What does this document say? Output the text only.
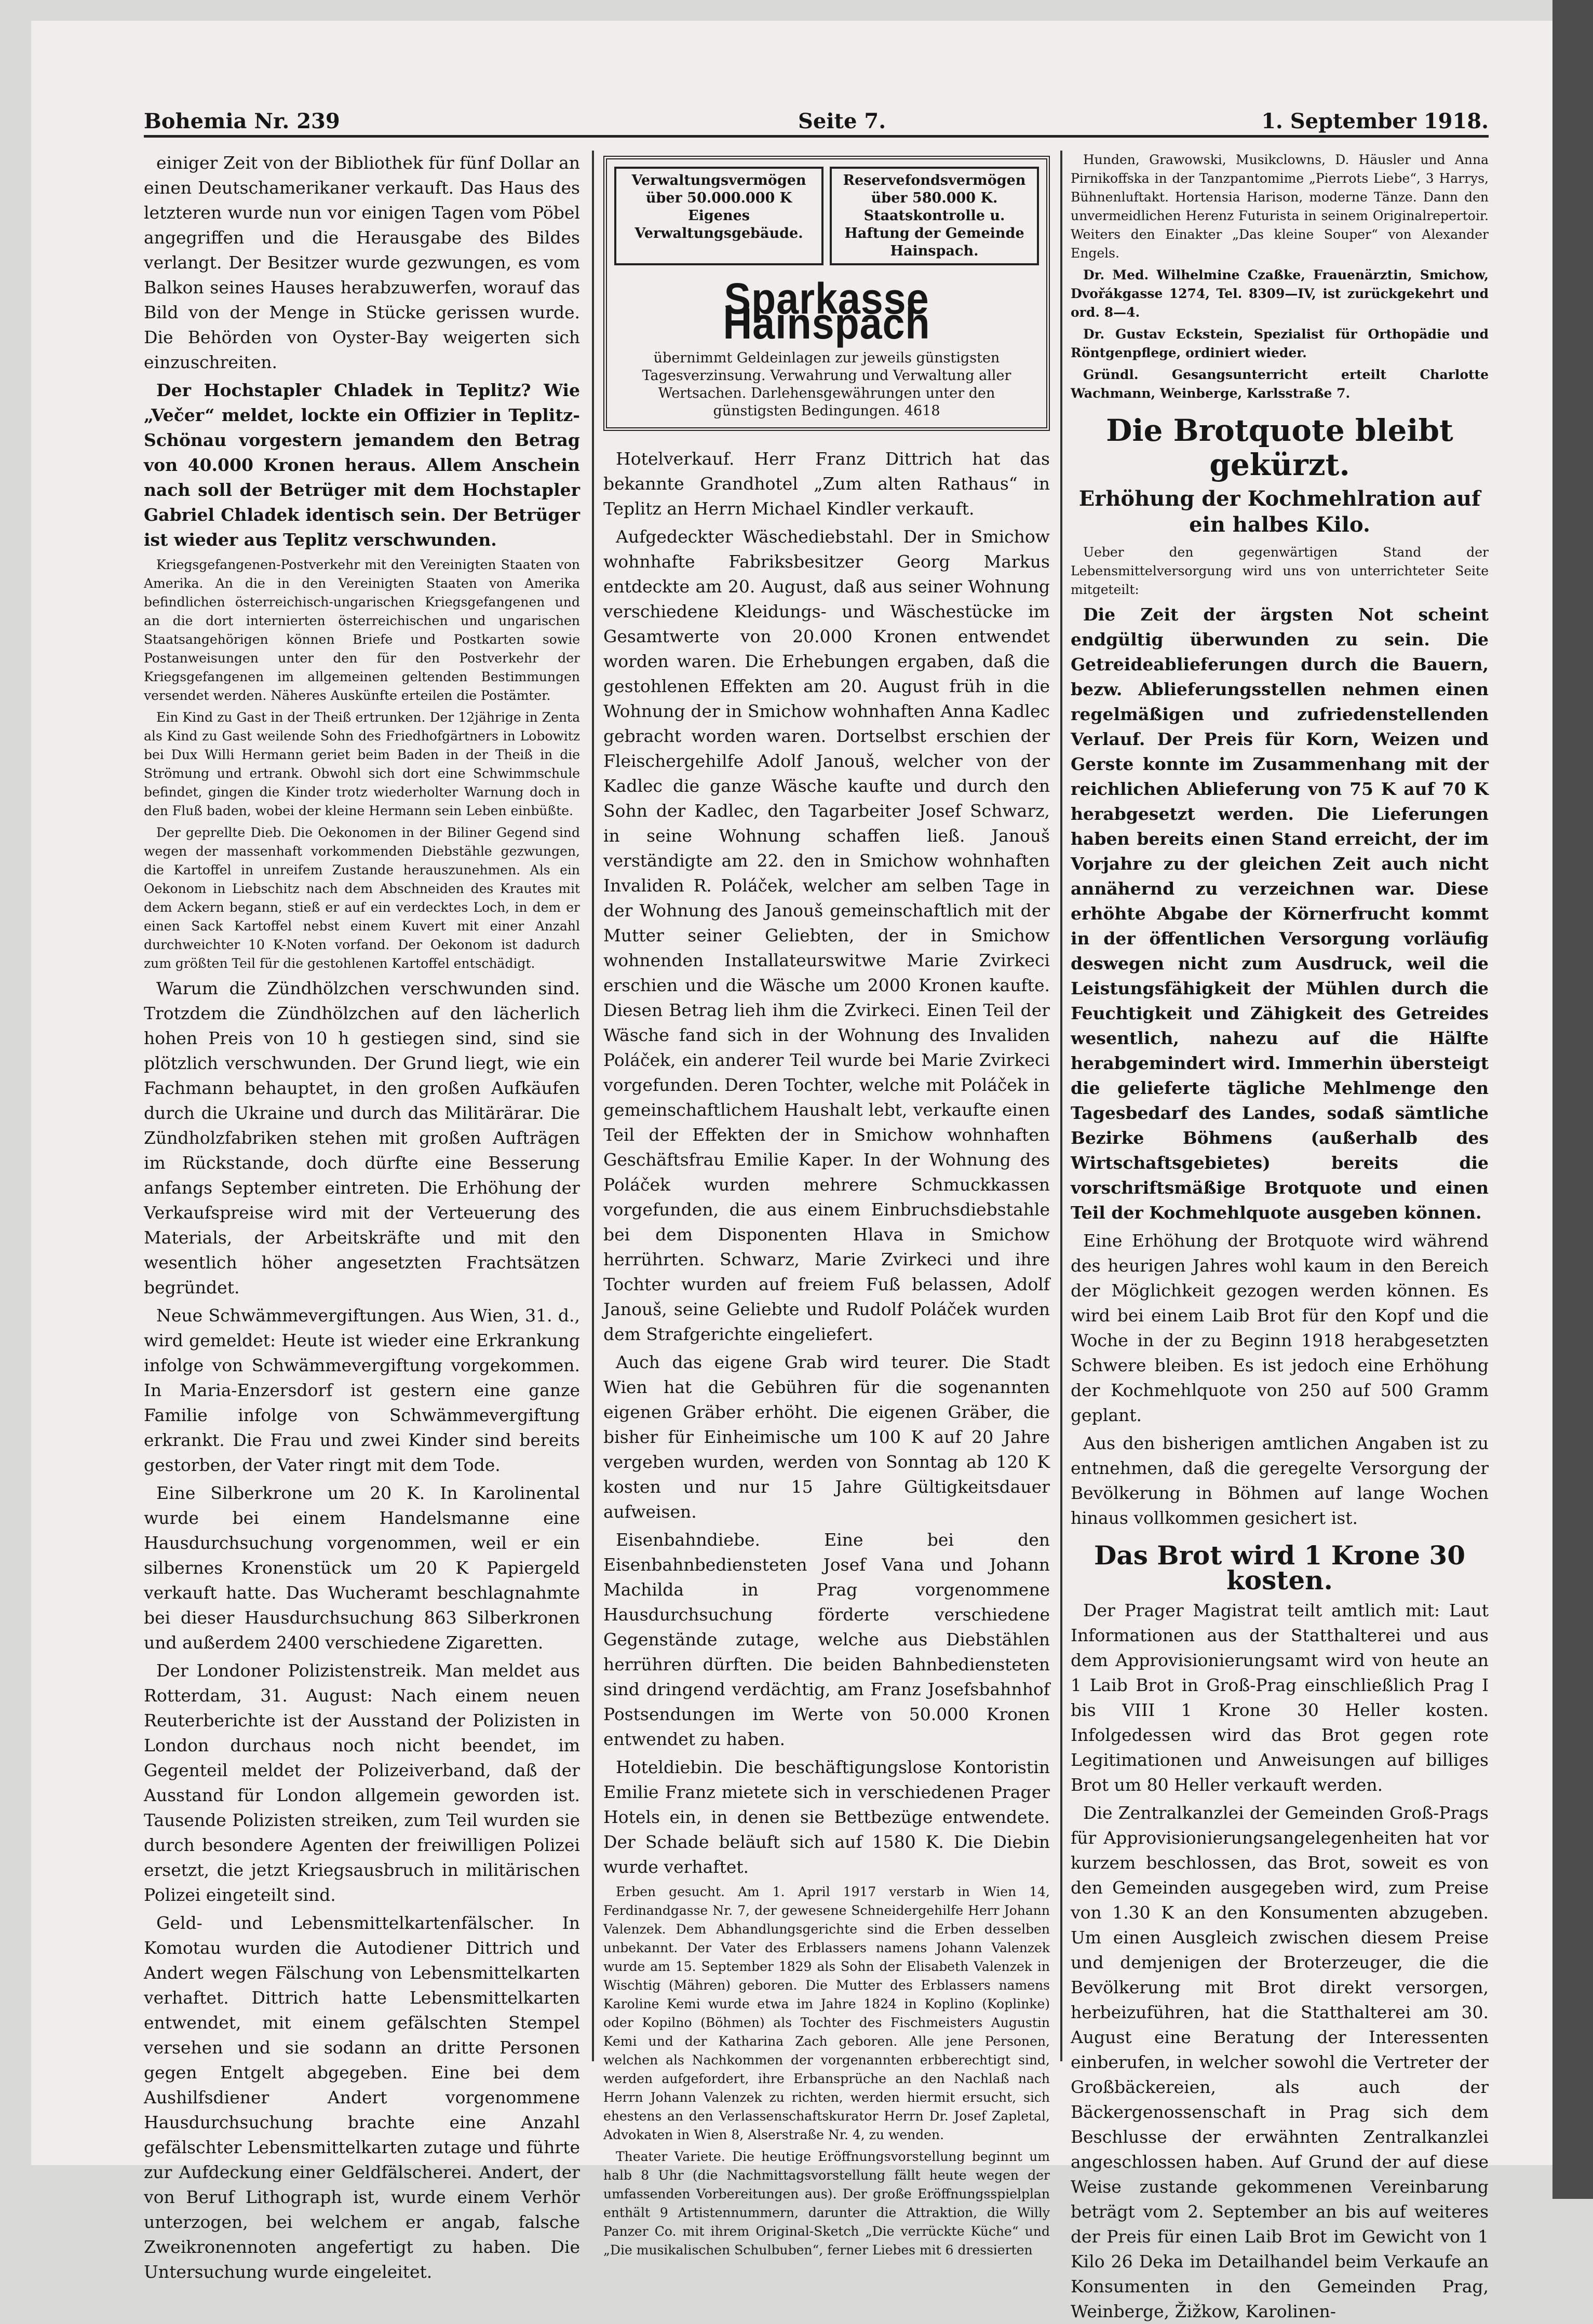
Bohemia Nr. 239	Seite 7.	1. September 1918.

einiger Zeit von der Bibliothek für fünf Dollar an einen Deutschamerikaner verkauft. Das Haus des letzteren wurde nun vor einigen Tagen vom Pöbel angegriffen und die Herausgabe des Bildes verlangt. Der Besitzer wurde gezwungen, es vom Balkon seines Hauses herabzuwerfen, worauf das Bild von der Menge in Stücke gerissen wurde. Die Behörden von Oyster-Bay weigerten sich einzuschreiten.

Der Hochstapler Chladek in Teplitz? Wie „Večer“ meldet, lockte ein Offizier in Teplitz-Schönau vorgestern jemandem den Betrag von 40.000 Kronen heraus. Allem Anschein nach soll der Betrüger mit dem Hochstapler Gabriel Chladek identisch sein. Der Betrüger ist wieder aus Teplitz verschwunden.

Kriegsgefangenen-Postverkehr mit den Vereinigten Staaten von Amerika. An die in den Vereinigten Staaten von Amerika befindlichen österreichisch-ungarischen Kriegsgefangenen und an die dort internierten österreichischen und ungarischen Staatsangehörigen können Briefe und Postkarten sowie Postanweisungen unter den für den Postverkehr der Kriegsgefangenen im allgemeinen geltenden Bestimmungen versendet werden. Näheres Auskünfte erteilen die Postämter.

Ein Kind zu Gast in der Theiß ertrunken. Der 12jährige in Zenta als Kind zu Gast weilende Sohn des Friedhofgärtners in Lobowitz bei Dux Willi Hermann geriet beim Baden in der Theiß in die Strömung und ertrank. Obwohl sich dort eine Schwimmschule befindet, gingen die Kinder trotz wiederholter Warnung doch in den Fluß baden, wobei der kleine Hermann sein Leben einbüßte.

Der geprellte Dieb. Die Oekonomen in der Biliner Gegend sind wegen der massenhaft vorkommenden Diebstähle gezwungen, die Kartoffel in unreifem Zustande herauszunehmen. Als ein Oekonom in Liebschitz nach dem Abschneiden des Krautes mit dem Ackern begann, stieß er auf ein verdecktes Loch, in dem er einen Sack Kartoffel nebst einem Kuvert mit einer Anzahl durchweichter 10 K-Noten vorfand. Der Oekonom ist dadurch zum größten Teil für die gestohlenen Kartoffel entschädigt.

Warum die Zündhölzchen verschwunden sind. Trotzdem die Zündhölzchen auf den lächerlich hohen Preis von 10 h gestiegen sind, sind sie plötzlich verschwunden. Der Grund liegt, wie ein Fachmann behauptet, in den großen Aufkäufen durch die Ukraine und durch das Militärärar. Die Zündholzfabriken stehen mit großen Aufträgen im Rückstande, doch dürfte eine Besserung anfangs September eintreten. Die Erhöhung der Verkaufspreise wird mit der Verteuerung des Materials, der Arbeitskräfte und mit den wesentlich höher angesetzten Frachtsätzen begründet.

Neue Schwämmevergiftungen. Aus Wien, 31. d., wird gemeldet: Heute ist wieder eine Erkrankung infolge von Schwämmevergiftung vorgekommen. In Maria-Enzersdorf ist gestern eine ganze Familie infolge von Schwämmevergiftung erkrankt. Die Frau und zwei Kinder sind bereits gestorben, der Vater ringt mit dem Tode.

Eine Silberkrone um 20 K. In Karolinental wurde bei einem Handelsmanne eine Hausdurchsuchung vorgenommen, weil er ein silbernes Kronenstück um 20 K Papiergeld verkauft hatte. Das Wucheramt beschlagnahmte bei dieser Hausdurchsuchung 863 Silberkronen und außerdem 2400 verschiedene Zigaretten.

Der Londoner Polizistenstreik. Man meldet aus Rotterdam, 31. August: Nach einem neuen Reuterberichte ist der Ausstand der Polizisten in London durchaus noch nicht beendet, im Gegenteil meldet der Polizeiverband, daß der Ausstand für London allgemein geworden ist. Tausende Polizisten streiken, zum Teil wurden sie durch besondere Agenten der freiwilligen Polizei ersetzt, die jetzt Kriegsausbruch in militärischen Polizei eingeteilt sind.

Geld- und Lebensmittelkartenfälscher. In Komotau wurden die Autodiener Dittrich und Andert wegen Fälschung von Lebensmittelkarten verhaftet. Dittrich hatte Lebensmittelkarten entwendet, mit einem gefälschten Stempel versehen und sie sodann an dritte Personen gegen Entgelt abgegeben. Eine bei dem Aushilfsdiener Andert vorgenommene Hausdurchsuchung brachte eine Anzahl gefälschter Lebensmittelkarten zutage und führte zur Aufdeckung einer Geldfälscherei. Andert, der von Beruf Lithograph ist, wurde einem Verhör unterzogen, bei welchem er angab, falsche Zweikronennoten angefertigt zu haben. Die Untersuchung wurde eingeleitet.

Verwaltungsvermögen über 50.000.000 K Eigenes Verwaltungsgebäude.
Reservefondsvermögen über 580.000 K. Staatskontrolle u. Haftung der Gemeinde Hainspach.
Sparkasse Hainspach
übernimmt Geldeinlagen zur jeweils günstigsten Tagesverzinsung. Verwahrung und Verwaltung aller Wertsachen. Darlehensgewährungen unter den günstigsten Bedingungen. 4618

Hotelverkauf. Herr Franz Dittrich hat das bekannte Grandhotel „Zum alten Rathaus“ in Teplitz an Herrn Michael Kindler verkauft.

Aufgedeckter Wäschediebstahl. Der in Smichow wohnhafte Fabriksbesitzer Georg Markus entdeckte am 20. August, daß aus seiner Wohnung verschiedene Kleidungs- und Wäschestücke im Gesamtwerte von 20.000 Kronen entwendet worden waren. Die Erhebungen ergaben, daß die gestohlenen Effekten am 20. August früh in die Wohnung der in Smichow wohnhaften Anna Kadlec gebracht worden waren. Dortselbst erschien der Fleischergehilfe Adolf Janouš, welcher von der Kadlec die ganze Wäsche kaufte und durch den Sohn der Kadlec, den Tagarbeiter Josef Schwarz, in seine Wohnung schaffen ließ. Janouš verständigte am 22. den in Smichow wohnhaften Invaliden R. Poláček, welcher am selben Tage in der Wohnung des Janouš gemeinschaftlich mit der Mutter seiner Geliebten, der in Smichow wohnenden Installateurswitwe Marie Zvirkeci erschien und die Wäsche um 2000 Kronen kaufte. Diesen Betrag lieh ihm die Zvirkeci. Einen Teil der Wäsche fand sich in der Wohnung des Invaliden Poláček, ein anderer Teil wurde bei Marie Zvirkeci vorgefunden. Deren Tochter, welche mit Poláček in gemeinschaftlichem Haushalt lebt, verkaufte einen Teil der Effekten der in Smichow wohnhaften Geschäftsfrau Emilie Kaper. In der Wohnung des Poláček wurden mehrere Schmuckkassen vorgefunden, die aus einem Einbruchsdiebstahle bei dem Disponenten Hlava in Smichow herrührten. Schwarz, Marie Zvirkeci und ihre Tochter wurden auf freiem Fuß belassen, Adolf Janouš, seine Geliebte und Rudolf Poláček wurden dem Strafgerichte eingeliefert.

Auch das eigene Grab wird teurer. Die Stadt Wien hat die Gebühren für die sogenannten eigenen Gräber erhöht. Die eigenen Gräber, die bisher für Einheimische um 100 K auf 20 Jahre vergeben wurden, werden von Sonntag ab 120 K kosten und nur 15 Jahre Gültigkeitsdauer aufweisen.

Eisenbahndiebe. Eine bei den Eisenbahnbediensteten Josef Vana und Johann Machilda in Prag vorgenommene Hausdurchsuchung förderte verschiedene Gegenstände zutage, welche aus Diebstählen herrühren dürften. Die beiden Bahnbediensteten sind dringend verdächtig, am Franz Josefsbahnhof Postsendungen im Werte von 50.000 Kronen entwendet zu haben.

Hoteldiebin. Die beschäftigungslose Kontoristin Emilie Franz mietete sich in verschiedenen Prager Hotels ein, in denen sie Bettbezüge entwendete. Der Schade beläuft sich auf 1580 K. Die Diebin wurde verhaftet.

Erben gesucht. Am 1. April 1917 verstarb in Wien 14, Ferdinandgasse Nr. 7, der gewesene Schneidergehilfe Herr Johann Valenzek. Dem Abhandlungsgerichte sind die Erben desselben unbekannt. Der Vater des Erblassers namens Johann Valenzek wurde am 15. September 1829 als Sohn der Elisabeth Valenzek in Wischtig (Mähren) geboren. Die Mutter des Erblassers namens Karoline Kemi wurde etwa im Jahre 1824 in Koplino (Koplinke) oder Kopilno (Böhmen) als Tochter des Fischmeisters Augustin Kemi und der Katharina Zach geboren. Alle jene Personen, welchen als Nachkommen der vorgenannten erbberechtigt sind, werden aufgefordert, ihre Erbansprüche an den Nachlaß nach Herrn Johann Valenzek zu richten, werden hiermit ersucht, sich ehestens an den Verlassenschaftskurator Herrn Dr. Josef Zapletal, Advokaten in Wien 8, Alserstraße Nr. 4, zu wenden.

Theater Variete. Die heutige Eröffnungsvorstellung beginnt um halb 8 Uhr (die Nachmittagsvorstellung fällt heute wegen der umfassenden Vorbereitungen aus). Der große Eröffnungsspielplan enthält 9 Artistennummern, darunter die Attraktion, die Willy Panzer Co. mit ihrem Original-Sketch „Die verrückte Küche“ und „Die musikalischen Schulbuben“, ferner Liebes mit 6 dressierten

Hunden, Grawowski, Musikclowns, D. Häusler und Anna Pirnikoffska in der Tanzpantomime „Pierrots Liebe“, 3 Harrys, Bühnenluftakt. Hortensia Harison, moderne Tänze. Dann den unvermeidlichen Herenz Futurista in seinem Originalrepertoir. Weiters den Einakter „Das kleine Souper“ von Alexander Engels.

Dr. Med. Wilhelmine Czaßke, Frauenärztin, Smichow, Dvořákgasse 1274, Tel. 8309—IV, ist zurückgekehrt und ord. 8—4.

Dr. Gustav Eckstein, Spezialist für Orthopädie und Röntgenpflege, ordiniert wieder.

Gründl. Gesangsunterricht erteilt Charlotte Wachmann, Weinberge, Karlsstraße 7.

Die Brotquote bleibt gekürzt.
Erhöhung der Kochmehlration auf ein halbes Kilo.

Ueber den gegenwärtigen Stand der Lebensmittelversorgung wird uns von unterrichteter Seite mitgeteilt:

Die Zeit der ärgsten Not scheint endgültig überwunden zu sein. Die Getreideablieferungen durch die Bauern, bezw. Ablieferungsstellen nehmen einen regelmäßigen und zufriedenstellenden Verlauf. Der Preis für Korn, Weizen und Gerste konnte im Zusammenhang mit der reichlichen Ablieferung von 75 K auf 70 K herabgesetzt werden. Die Lieferungen haben bereits einen Stand erreicht, der im Vorjahre zu der gleichen Zeit auch nicht annähernd zu verzeichnen war. Diese erhöhte Abgabe der Körnerfrucht kommt in der öffentlichen Versorgung vorläufig deswegen nicht zum Ausdruck, weil die Leistungsfähigkeit der Mühlen durch die Feuchtigkeit und Zähigkeit des Getreides wesentlich, nahezu auf die Hälfte herabgemindert wird. Immerhin übersteigt die gelieferte tägliche Mehlmenge den Tagesbedarf des Landes, sodaß sämtliche Bezirke Böhmens (außerhalb des Wirtschaftsgebietes) bereits die vorschriftsmäßige Brotquote und einen Teil der Kochmehlquote ausgeben können.

Eine Erhöhung der Brotquote wird während des heurigen Jahres wohl kaum in den Bereich der Möglichkeit gezogen werden können. Es wird bei einem Laib Brot für den Kopf und die Woche in der zu Beginn 1918 herabgesetzten Schwere bleiben. Es ist jedoch eine Erhöhung der Kochmehlquote von 250 auf 500 Gramm geplant.

Aus den bisherigen amtlichen Angaben ist zu entnehmen, daß die geregelte Versorgung der Bevölkerung in Böhmen auf lange Wochen hinaus vollkommen gesichert ist.

Das Brot wird 1 Krone 30 kosten.

Der Prager Magistrat teilt amtlich mit: Laut Informationen aus der Statthalterei und aus dem Approvisionierungsamt wird von heute an 1 Laib Brot in Groß-Prag einschließlich Prag I bis VIII 1 Krone 30 Heller kosten. Infolgedessen wird das Brot gegen rote Legitimationen und Anweisungen auf billiges Brot um 80 Heller verkauft werden.

Die Zentralkanzlei der Gemeinden Groß-Prags für Approvisionierungsangelegenheiten hat vor kurzem beschlossen, das Brot, soweit es von den Gemeinden ausgegeben wird, zum Preise von 1.30 K an den Konsumenten abzugeben. Um einen Ausgleich zwischen diesem Preise und demjenigen der Broterzeuger, die die Bevölkerung mit Brot direkt versorgen, herbeizuführen, hat die Statthalterei am 30. August eine Beratung der Interessenten einberufen, in welcher sowohl die Vertreter der Großbäckereien, als auch der Bäckergenossenschaft in Prag sich dem Beschlusse der erwähnten Zentralkanzlei angeschlossen haben. Auf Grund der auf diese Weise zustande gekommenen Vereinbarung beträgt vom 2. September an bis auf weiteres der Preis für einen Laib Brot im Gewicht von 1 Kilo 26 Deka im Detailhandel beim Verkaufe an Konsumenten in den Gemeinden Prag, Weinberge, Žižkow, Karolinen-
